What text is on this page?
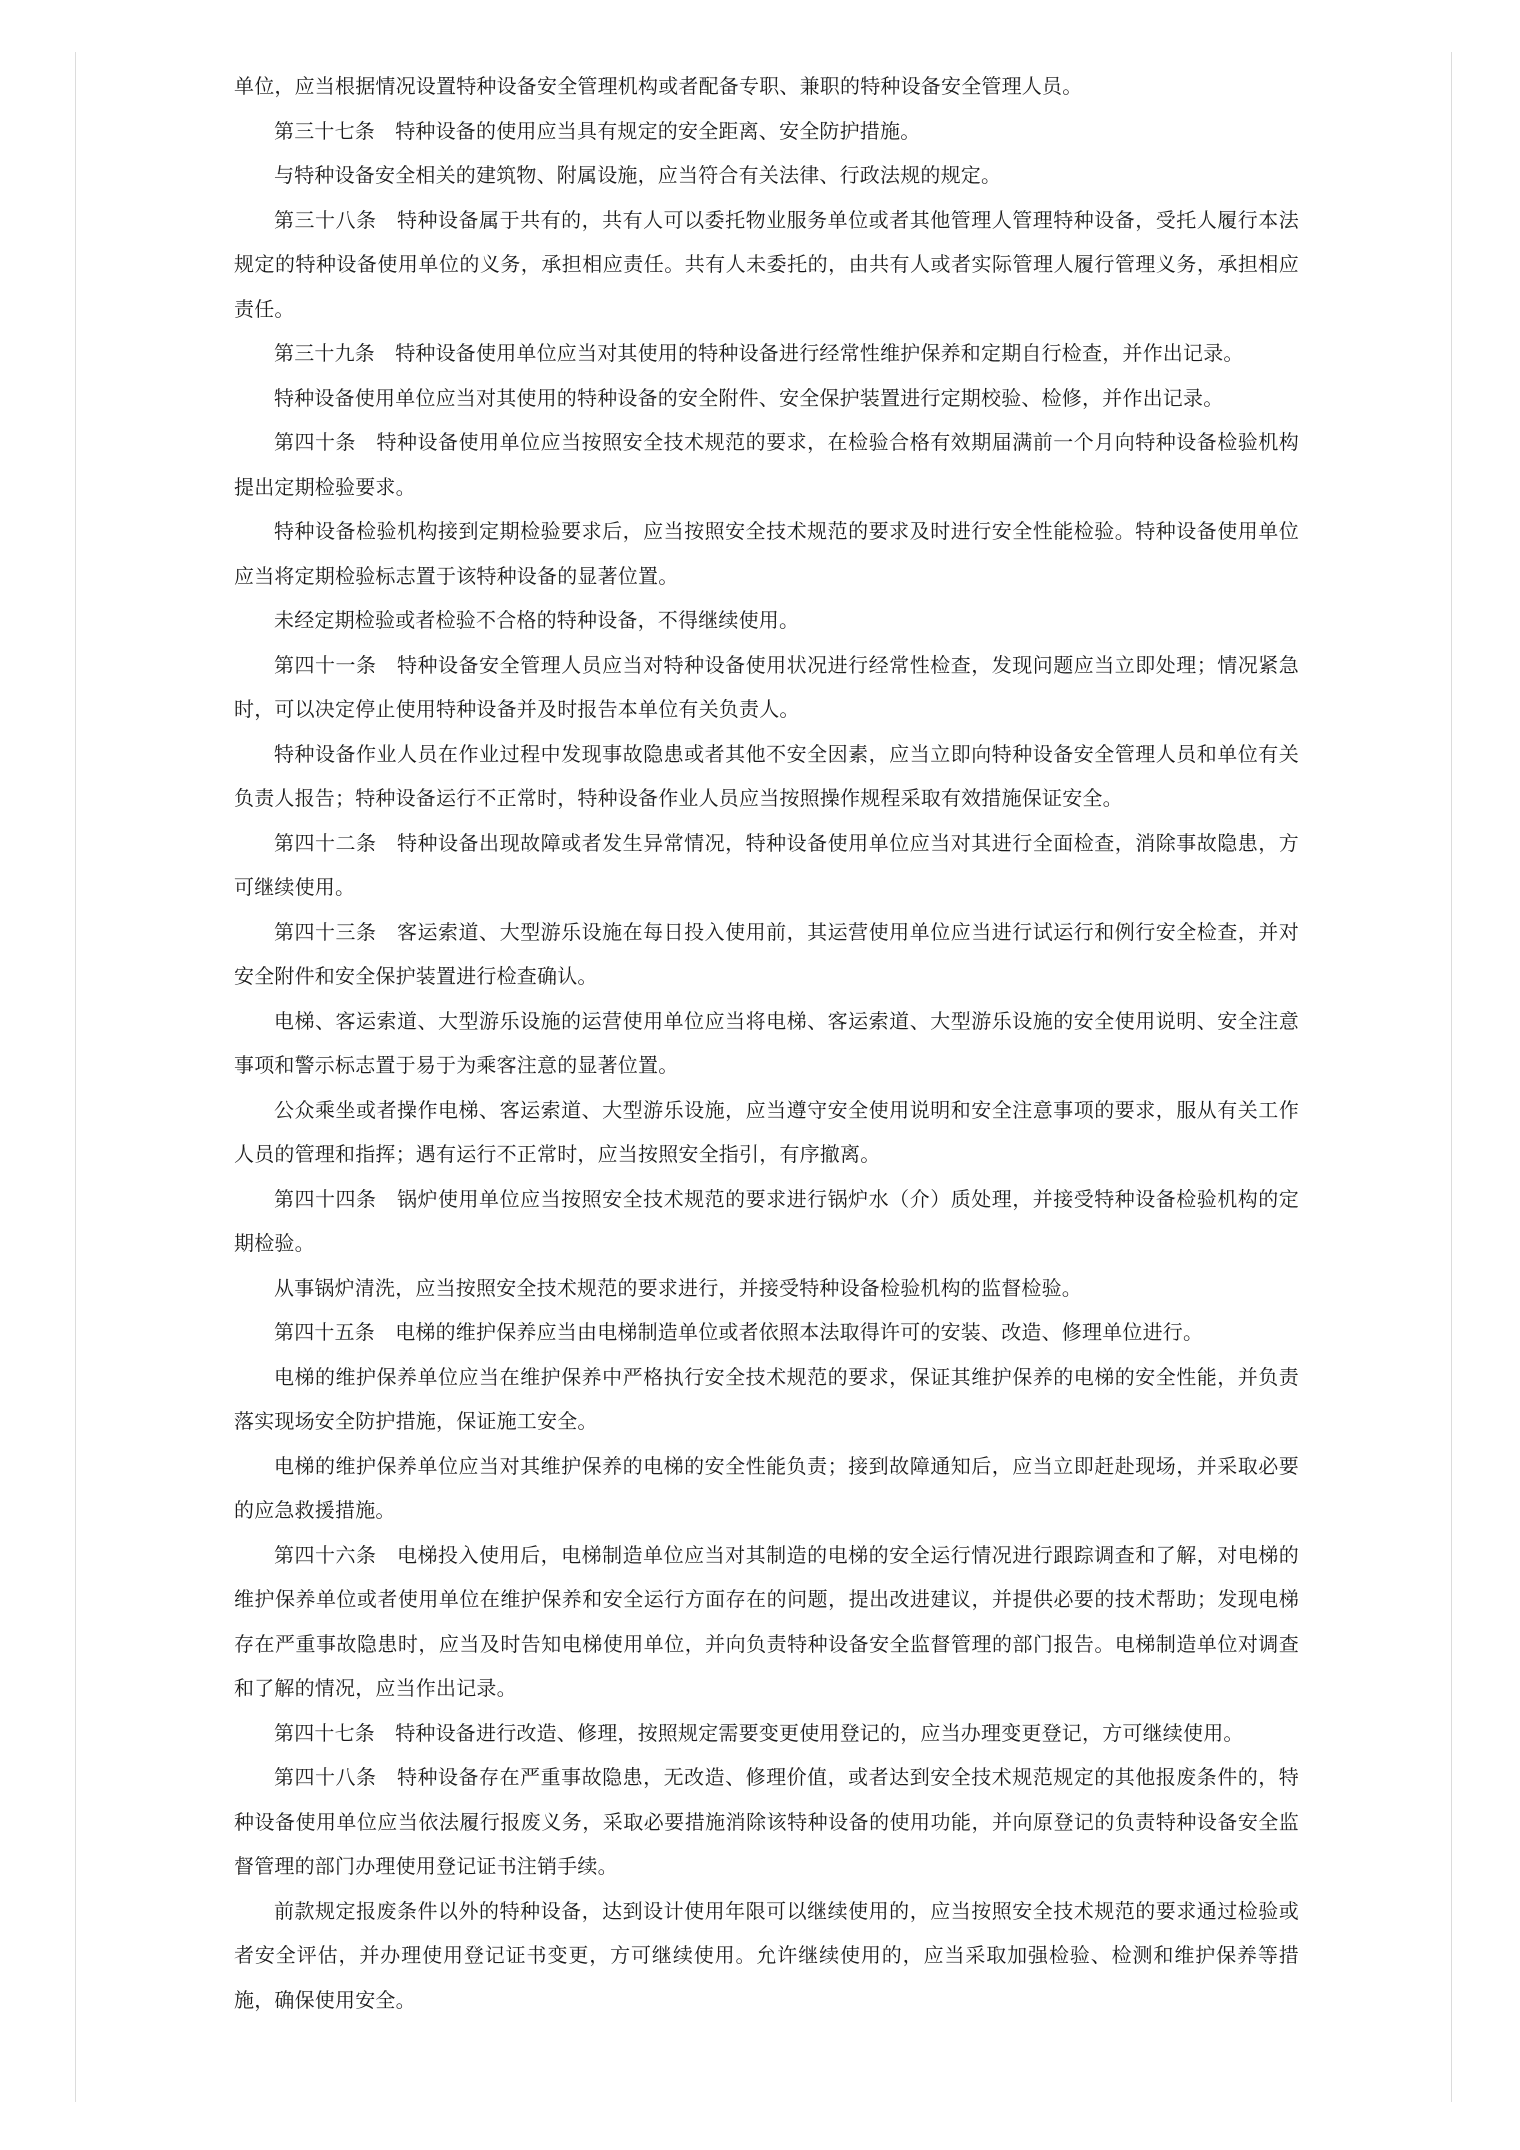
单位，应当根据情况设置特种设备安全管理机构或者配备专职、兼职的特种设备安全管理人员。

第三十七条　特种设备的使用应当具有规定的安全距离、安全防护措施。

与特种设备安全相关的建筑物、附属设施，应当符合有关法律、行政法规的规定。

第三十八条　特种设备属于共有的，共有人可以委托物业服务单位或者其他管理人管理特种设备，受托人履行本法规定的特种设备使用单位的义务，承担相应责任。共有人未委托的，由共有人或者实际管理人履行管理义务，承担相应责任。

第三十九条　特种设备使用单位应当对其使用的特种设备进行经常性维护保养和定期自行检查，并作出记录。

特种设备使用单位应当对其使用的特种设备的安全附件、安全保护装置进行定期校验、检修，并作出记录。

第四十条　特种设备使用单位应当按照安全技术规范的要求，在检验合格有效期届满前一个月向特种设备检验机构提出定期检验要求。

特种设备检验机构接到定期检验要求后，应当按照安全技术规范的要求及时进行安全性能检验。特种设备使用单位应当将定期检验标志置于该特种设备的显著位置。

未经定期检验或者检验不合格的特种设备，不得继续使用。

第四十一条　特种设备安全管理人员应当对特种设备使用状况进行经常性检查，发现问题应当立即处理；情况紧急时，可以决定停止使用特种设备并及时报告本单位有关负责人。

特种设备作业人员在作业过程中发现事故隐患或者其他不安全因素，应当立即向特种设备安全管理人员和单位有关负责人报告；特种设备运行不正常时，特种设备作业人员应当按照操作规程采取有效措施保证安全。

第四十二条　特种设备出现故障或者发生异常情况，特种设备使用单位应当对其进行全面检查，消除事故隐患，方可继续使用。

第四十三条　客运索道、大型游乐设施在每日投入使用前，其运营使用单位应当进行试运行和例行安全检查，并对安全附件和安全保护装置进行检查确认。

电梯、客运索道、大型游乐设施的运营使用单位应当将电梯、客运索道、大型游乐设施的安全使用说明、安全注意事项和警示标志置于易于为乘客注意的显著位置。

公众乘坐或者操作电梯、客运索道、大型游乐设施，应当遵守安全使用说明和安全注意事项的要求，服从有关工作人员的管理和指挥；遇有运行不正常时，应当按照安全指引，有序撤离。

第四十四条　锅炉使用单位应当按照安全技术规范的要求进行锅炉水（介）质处理，并接受特种设备检验机构的定期检验。

从事锅炉清洗，应当按照安全技术规范的要求进行，并接受特种设备检验机构的监督检验。

第四十五条　电梯的维护保养应当由电梯制造单位或者依照本法取得许可的安装、改造、修理单位进行。

电梯的维护保养单位应当在维护保养中严格执行安全技术规范的要求，保证其维护保养的电梯的安全性能，并负责落实现场安全防护措施，保证施工安全。

电梯的维护保养单位应当对其维护保养的电梯的安全性能负责；接到故障通知后，应当立即赶赴现场，并采取必要的应急救援措施。

第四十六条　电梯投入使用后，电梯制造单位应当对其制造的电梯的安全运行情况进行跟踪调查和了解，对电梯的维护保养单位或者使用单位在维护保养和安全运行方面存在的问题，提出改进建议，并提供必要的技术帮助；发现电梯存在严重事故隐患时，应当及时告知电梯使用单位，并向负责特种设备安全监督管理的部门报告。电梯制造单位对调查和了解的情况，应当作出记录。

第四十七条　特种设备进行改造、修理，按照规定需要变更使用登记的，应当办理变更登记，方可继续使用。

第四十八条　特种设备存在严重事故隐患，无改造、修理价值，或者达到安全技术规范规定的其他报废条件的，特种设备使用单位应当依法履行报废义务，采取必要措施消除该特种设备的使用功能，并向原登记的负责特种设备安全监督管理的部门办理使用登记证书注销手续。

前款规定报废条件以外的特种设备，达到设计使用年限可以继续使用的，应当按照安全技术规范的要求通过检验或者安全评估，并办理使用登记证书变更，方可继续使用。允许继续使用的，应当采取加强检验、检测和维护保养等措施，确保使用安全。
